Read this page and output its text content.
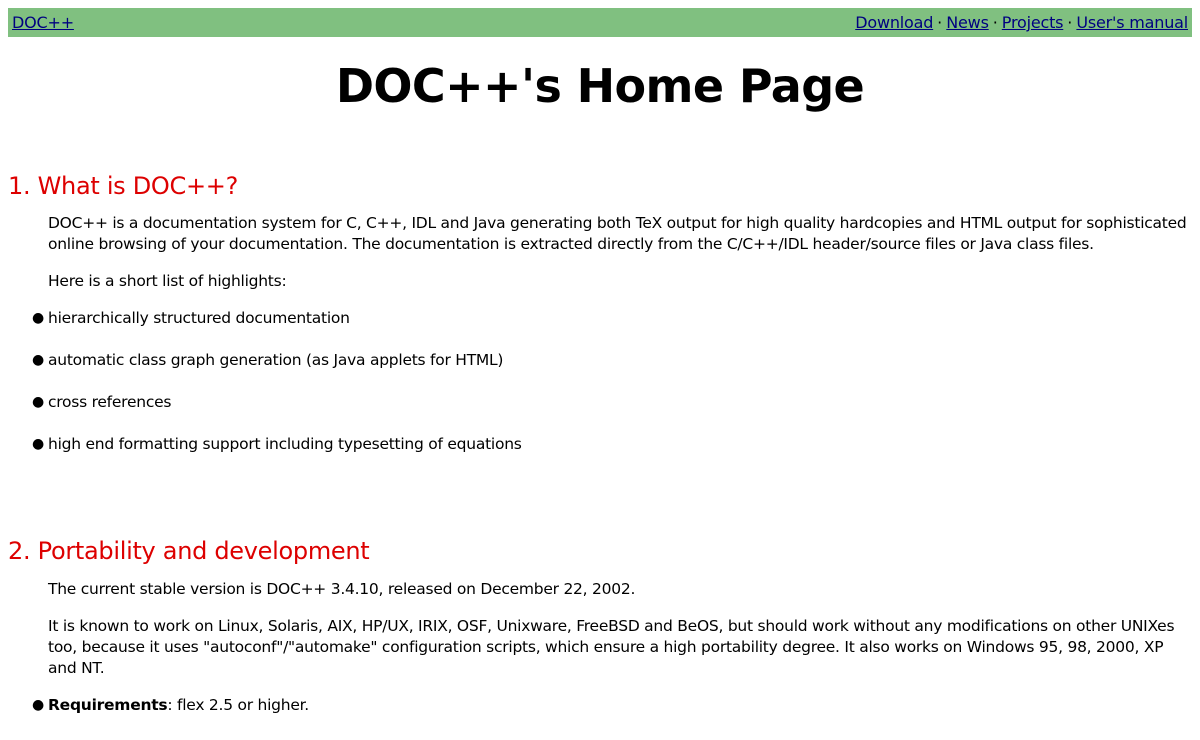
DOC++	Download · News · Projects · User's manual
DOC++'s Home Page
1. What is DOC++?

DOC++ is a documentation system for C, C++, IDL and Java generating both TeX output for high quality hardcopies and HTML output for sophisticated online browsing of your documentation. The documentation is extracted directly from the C/C++/IDL header/source files or Java class files.

Here is a short list of highlights:

● hierarchically structured documentation
● automatic class graph generation (as Java applets for HTML)
● cross references
● high end formatting support including typesetting of equations
2. Portability and development

The current stable version is DOC++ 3.4.10, released on December 22, 2002.

It is known to work on Linux, Solaris, AIX, HP/UX, IRIX, OSF, Unixware, FreeBSD and BeOS, but should work without any modifications on other UNIXes too, because it uses "autoconf"/"automake" configuration scripts, which ensure a high portability degree. It also works on Windows 95, 98, 2000, XP and NT.

● Requirements: flex 2.5 or higher.
